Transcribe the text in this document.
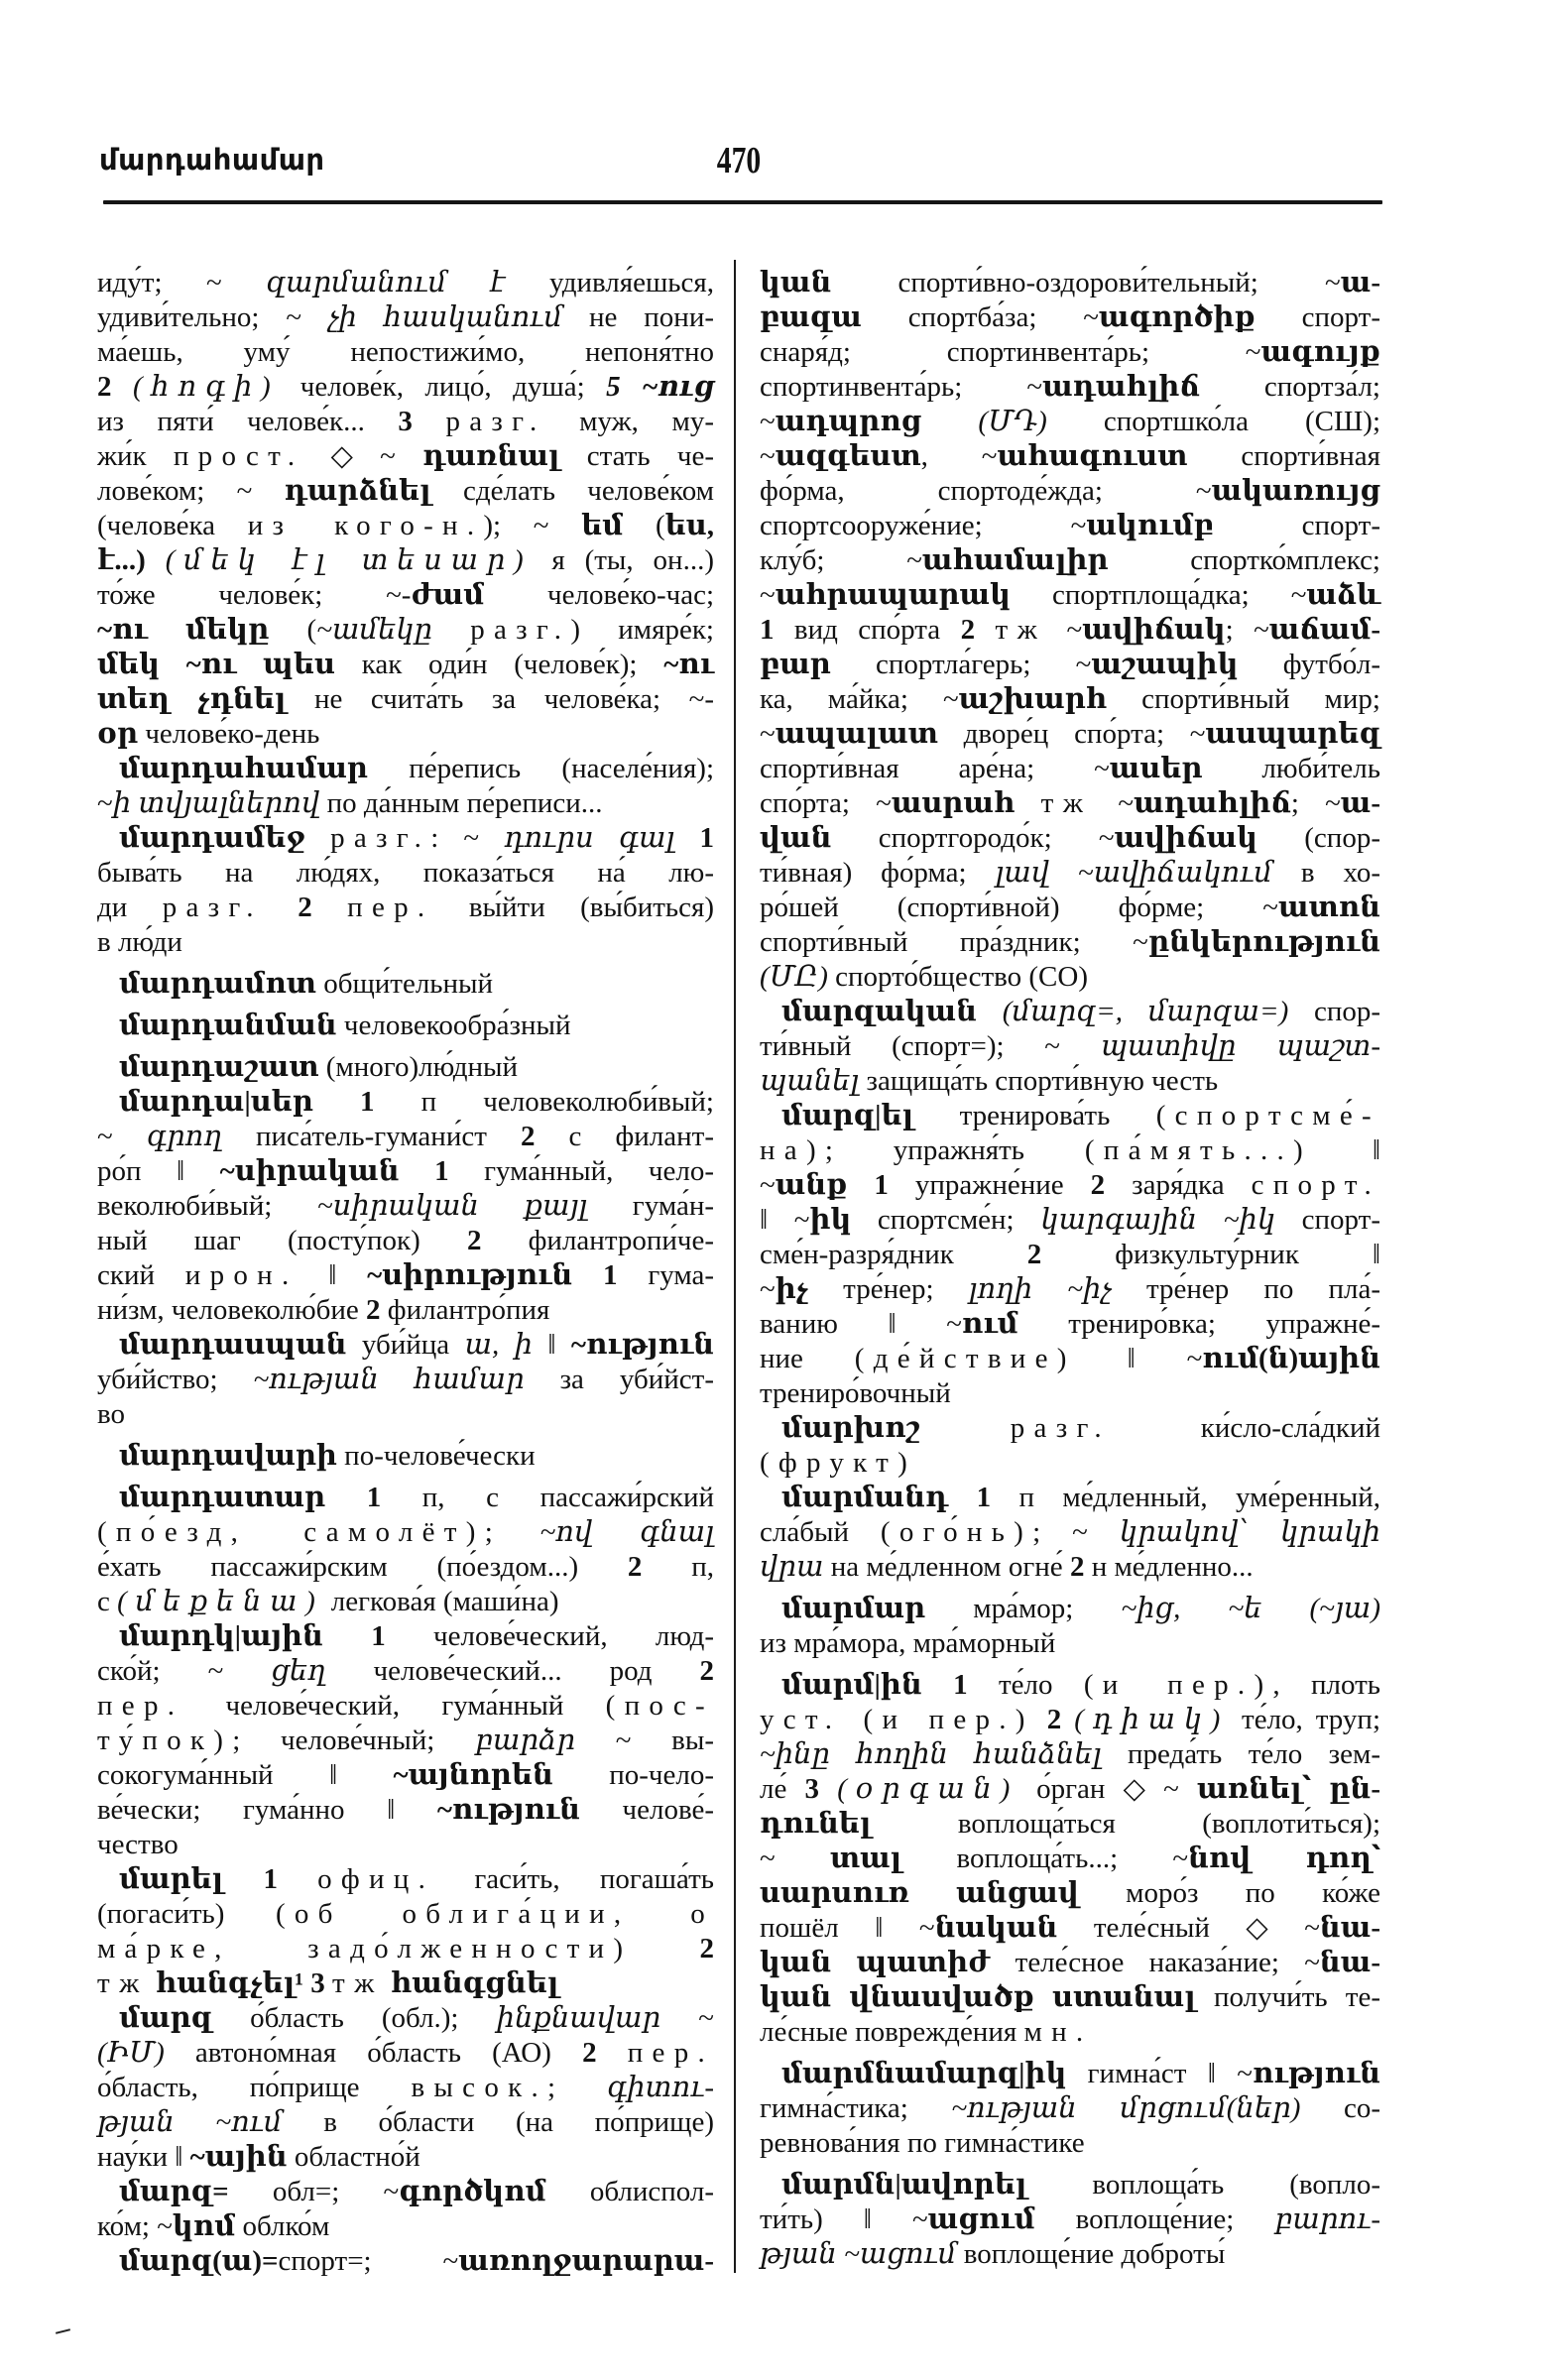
մարդահամար	470
иду́т; ~ զարմանում է удивля́ешься,
удиви́тельно; ~ չի հասկանում не пони-
ма́ешь, уму́ непостижи́мо, непоня́тно
2 (հոգի) челове́к, лицо́, душа́; 5 ~ուց
из пяти́ челове́к... 3 разг. муж, му-
жи́к прост. ◇ ~ դառնալ стать че-
лове́ком; ~ դարձնել сде́лать челове́ком
(челове́ка из кого-н.); ~ եմ (ես,
է...) (մեկ էլ տեսար) я (ты, он...)
то́же челове́к; ~-ժամ челове́ко-час;
~ու մեկը (~ամեկը разг.) имяре́к;
մեկ ~ու պես как оди́н (челове́к); ~ու
տեղ չդնել не счита́ть за челове́ка; ~-
օր челове́ко-день
մարդահամար пе́репись (населе́ния);
~ի տվյալներով по да́нным пе́реписи...
մարդամեջ разг.: ~ դուրս գալ 1
быва́ть на лю́дях, показа́ться на́ лю-
ди разг. 2 пер. вы́йти (вы́биться)
в лю́ди
մարդամոտ общи́тельный
մարդանման человекообра́зный
մարդաշատ (много)лю́дный
մարդա|սեր 1 п человеколюби́вый;
~ գրող писа́тель-гумани́ст 2 с филант-
ро́п ‖ ~սիրական 1 гума́нный, чело-
веколюби́вый; ~սիրական քայլ гума́н-
ный шаг (посту́пок) 2 филантропи́че-
ский ирон. ‖ ~սիրություն 1 гума-
ни́зм, человеколю́бие 2 филантро́пия
մարդասպան уби́йца ա, ի ‖ ~ություն
уби́йство; ~ության համար за уби́йст-
во
մարդավարի по-челове́чески
մարդատար 1 п, с пассажи́рский
(по́езд, самолёт); ~ով գնալ
е́хать пассажи́рским (по́ездом...) 2 п,
с (մեքենա) легкова́я (маши́на)
մարդկ|ային 1 челове́ческий, люд-
ско́й; ~ ցեղ челове́ческий... род 2
пер. челове́ческий, гума́нный (пос-
ту́пок); челове́чный; բարձր ~ вы-
сокогума́нный ‖ ~այնորեն по-чело-
ве́чески; гума́нно ‖ ~ություն челове́-
чество
մարել 1 офиц. гаси́ть, погаша́ть
(погаси́ть) (об облига́ции, о
ма́рке, задо́лженности) 2
тж հանգչել¹ 3 тж հանգցնել
մարզ о́бласть (обл.); ինքնավար ~
(ԻՄ) автоно́мная о́бласть (АО) 2 пер.
о́бласть, по́прище высок.; գիտու-
թյան ~ում в о́бласти (на по́прище)
нау́ки ‖ ~ային областно́й
մարզ= обл=; ~գործկոմ облиспол-
ко́м; ~կոմ облко́м
մարզ(ա)=спорт=; ~առողջարարա-
կան спорти́вно-оздорови́тельный; ~ա-
բազա спортба́за; ~ագործիք спорт-
снаря́д; спортинвента́рь; ~ագույք
спортинвента́рь; ~ադահլիճ спортза́л;
~ադպրոց (ՄԴ) спортшко́ла (СШ);
~ազգեստ, ~ահագուստ спорти́вная
фо́рма, спортоде́жда; ~ակառույց
спортсооруже́ние; ~ակումբ спорт-
клу́б; ~ահամալիր спортко́мплекс;
~ահրապարակ спортплоща́дка; ~աձև
1 вид спо́рта 2 тж ~ավիճակ; ~աճամ-
բար спортла́герь; ~աշապիկ футбо́л-
ка, ма́йка; ~աշխարհ спорти́вный мир;
~ապալատ дворе́ц спо́рта; ~ասպարեզ
спорти́вная аре́на; ~ասեր люби́тель
спо́рта; ~ասրահ тж ~ադահլիճ; ~ա-
վան спортгородо́к; ~ավիճակ (спор-
ти́вная) фо́рма; լավ ~ավիճակում в хо-
ро́шей (спорти́вной) фо́рме; ~ատոն
спорти́вный пра́здник; ~ընկերություն
(ՄԸ) спорто́бщество (СО)
մարզական (մարզ=, մարզա=) спор-
ти́вный (спорт=); ~ պատիվը պաշտ-
պանել защища́ть спорти́вную честь
մարզ|ել тренирова́ть (спортсме́-
на); упражня́ть (па́мять...) ‖
~անք 1 упражне́ние 2 заря́дка спорт.
‖ ~իկ спортсме́н; կարգային ~իկ спорт-
сме́н-разря́дник 2 физкульту́рник ‖
~իչ тре́нер; լողի ~իչ тре́нер по пла́-
ванию ‖ ~ում трениро́вка; упражне́-
ние (де́йствие) ‖ ~ում(ն)ային
трениро́вочный
մարխոշ	разг. ки́сло-сла́дкий
(фрукт)
մարմանդ 1 п ме́дленный, уме́ренный,
сла́бый (ого́нь); ~ կրակով՝ կրակի
վրա на ме́дленном огне́ 2 н ме́дленно...
մարմար мра́мор; ~ից, ~ե (~յա)
из мра́мора, мра́морный
մարմ|ին 1 те́ло (и пер.), плоть
уст. (и пер.) 2 (դիակ) те́ло, труп;
~ինը հողին հանձնել преда́ть те́ло зем-
ле́ 3 (օրգան) о́рган ◇ ~ առնել՝ ըն-
դունել воплоща́ться (воплоти́ться);
~ տալ воплоща́ть...; ~նով դող՝
սարսուռ անցավ моро́з по ко́же
пошёл ‖ ~նական теле́сный ◇ ~նա-
կան պատիժ теле́сное наказа́ние; ~նա-
կան վնասվածք ստանալ получи́ть те-
ле́сные поврежде́ния мн.
մարմնամարզ|իկ гимна́ст ‖ ~ություն
гимна́стика; ~ության մրցում(ներ) со-
ревнова́ния по гимна́стике
մարմն|ավորել воплоща́ть (вопло-
ти́ть) ‖ ~ացում воплоще́ние; բարու-
թյան ~ացում воплоще́ние доброты́
